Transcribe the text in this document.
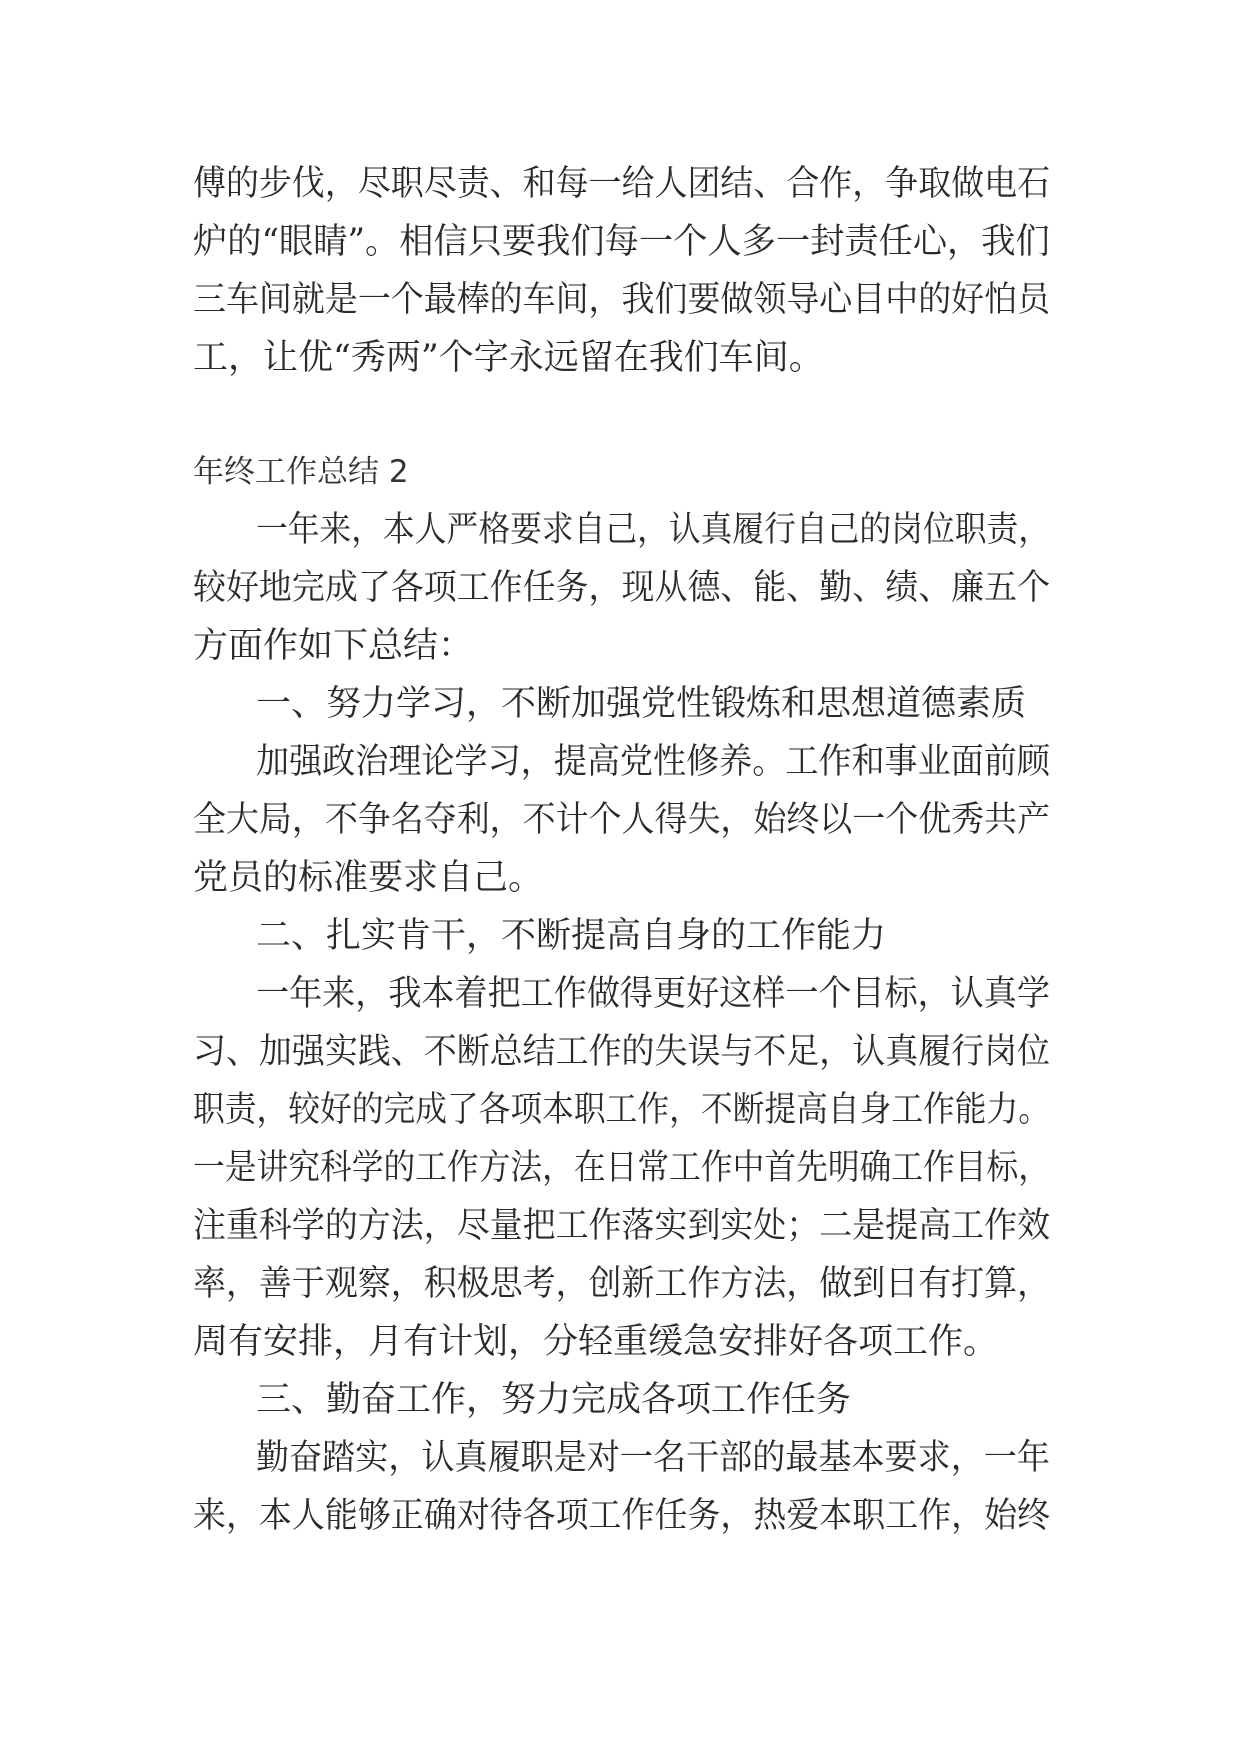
傅的步伐，尽职尽责、和每一给人团结、合作，争取做电石
炉的“眼睛”。相信只要我们每一个人多一封责任心，我们
三车间就是一个最棒的车间，我们要做领导心目中的好怕员
工，让优“秀两”个字永远留在我们车间。
年终工作总结 2
一年来，本人严格要求自己，认真履行自己的岗位职责，
较好地完成了各项工作任务，现从德、能、勤、绩、廉五个
方面作如下总结：
一、努力学习，不断加强党性锻炼和思想道德素质
加强政治理论学习，提高党性修养。工作和事业面前顾
全大局，不争名夺利，不计个人得失，始终以一个优秀共产
党员的标准要求自己。
二、扎实肯干，不断提高自身的工作能力
一年来，我本着把工作做得更好这样一个目标，认真学
习、加强实践、不断总结工作的失误与不足，认真履行岗位
职责，较好的完成了各项本职工作，不断提高自身工作能力。
一是讲究科学的工作方法，在日常工作中首先明确工作目标，
注重科学的方法，尽量把工作落实到实处；二是提高工作效
率，善于观察，积极思考，创新工作方法，做到日有打算，
周有安排，月有计划，分轻重缓急安排好各项工作。
三、勤奋工作，努力完成各项工作任务
勤奋踏实，认真履职是对一名干部的最基本要求，一年
来，本人能够正确对待各项工作任务，热爱本职工作，始终
